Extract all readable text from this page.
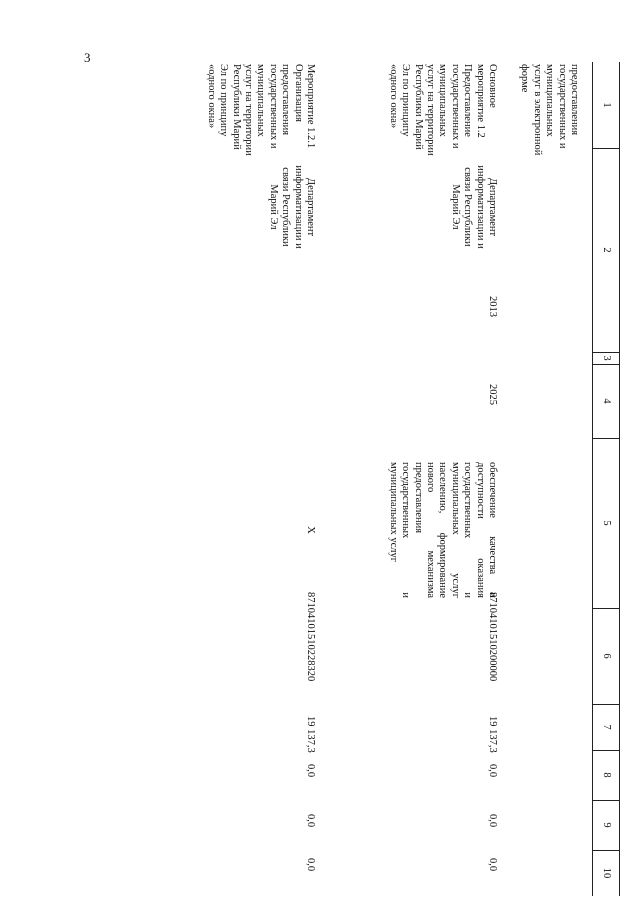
3
1
2
3
4
5
6
7
8
9
10
предоставления государственных и муниципальных услуг в электронной форме
Основное мероприятие 1.2 Предоставление государственных и муниципальных услуг на территории Республики Марий Эл по принципу «одного окна»
Департамент информатизации и связи Республики Марий Эл
2013
2025
обеспечение качества и доступности оказания государственных и муниципальных услуг населению, формирование нового механизма предоставления государственных и муниципальных услуг
87104101510200000
19 137,3
0,0
0,0
0,0
Мероприятие 1.2.1 Организация предоставления государственных и муниципальных услуг на территории Республики Марий Эл по принципу «одного окна»
Департамент информатизации и связи Республики Марий Эл
Х
87104101510228320
19 137,3
0,0
0,0
0,0
